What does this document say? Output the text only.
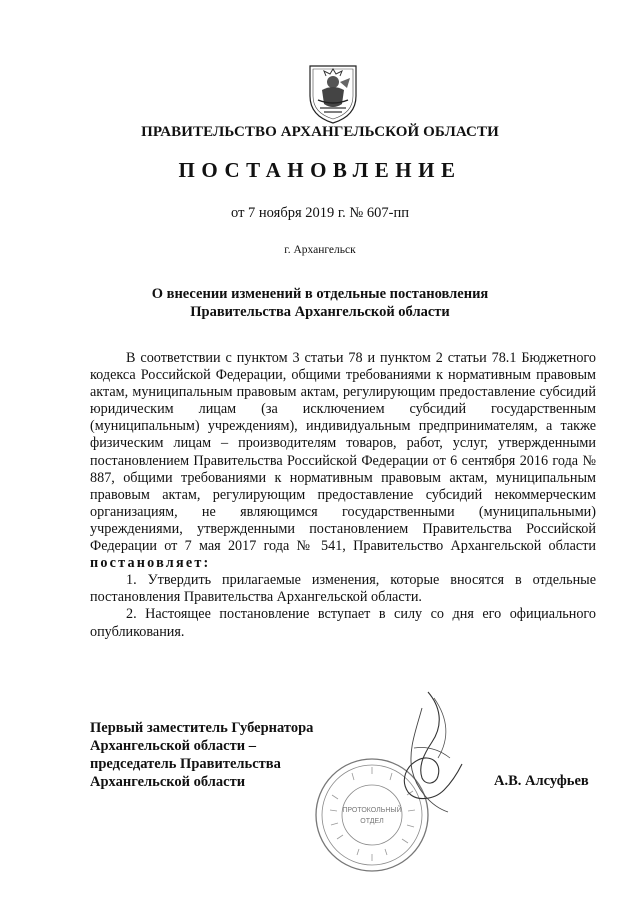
ПРАВИТЕЛЬСТВО АРХАНГЕЛЬСКОЙ ОБЛАСТИ
ПОСТАНОВЛЕНИЕ
от 7 ноября 2019 г. № 607-пп
г. Архангельск
О внесении изменений в отдельные постановления
Правительства Архангельской области

В соответствии с пунктом 3 статьи 78 и пунктом 2 статьи 78.1 Бюджетного кодекса Российской Федерации, общими требованиями к нормативным правовым актам, муниципальным правовым актам, регулирующим предоставление субсидий юридическим лицам (за исключением субсидий государственным (муниципальным) учреждениям), индивидуальным предпринимателям, а также физическим лицам – производителям товаров, работ, услуг, утвержденными постановлением Правительства Российской Федерации от 6 сентября 2016 года № 887, общими требованиями к нормативным правовым актам, муниципальным правовым актам, регулирующим предоставление субсидий некоммерческим организациям, не являющимся государственными (муниципальными) учреждениями, утвержденными постановлением Правительства Российской Федерации от 7 мая 2017 года № 541, Правительство Архангельской области постановляет:

1. Утвердить прилагаемые изменения, которые вносятся в отдельные постановления Правительства Архангельской области.

2. Настоящее постановление вступает в силу со дня его официального опубликования.

Первый заместитель Губернатора
Архангельской области –
председатель Правительства
Архангельской области	А.В. Алсуфьев
ПРОТОКОЛЬНЫЙ
ОТДЕЛ
